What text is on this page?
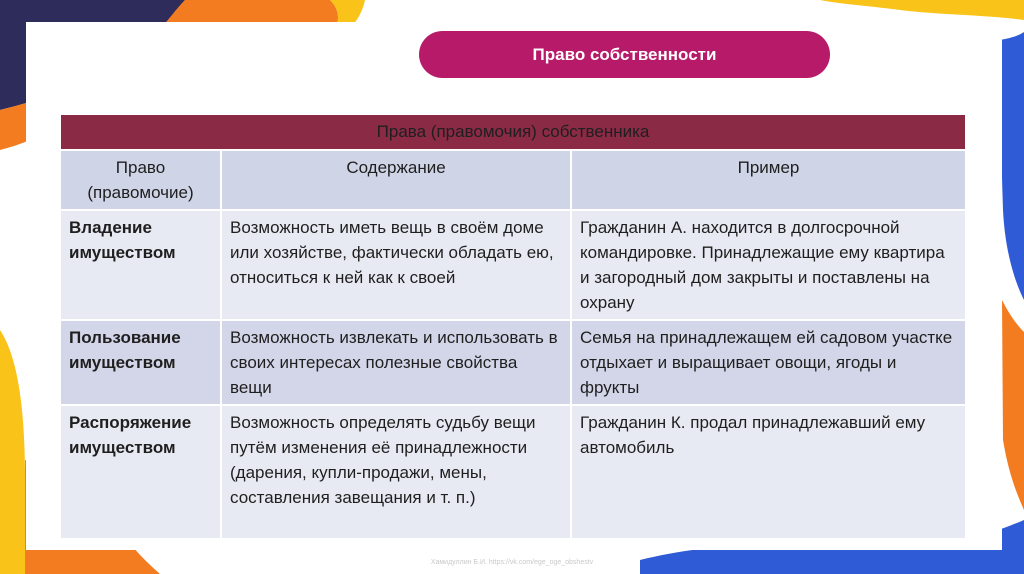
Право собственности
Права (правомочия) собственника		
Право
(правомочие)	Содержание	Пример
Владение имуществом	Возможность иметь вещь в своём доме или хозяйстве, фактически обладать ею, относиться к ней как к своей	Гражданин А. находится в долгосрочной командировке. Принадлежащие ему квартира и загородный дом закрыты и поставлены на охрану
Пользование имуществом	Возможность извлекать и использовать в своих интересах полезные свойства вещи	Семья на принадлежащем ей садовом участке отдыхает и выращивает овощи, ягоды и фрукты
Распоряжение имуществом	Возможность определять судьбу вещи путём изменения её принадлежности (дарения, купли-продажи, мены, составления завещания и т. п.)	Гражданин К. продал принадлежавший ему автомобиль
Хамидуллин Б.И. https://vk.com/ege_oge_obshestv
